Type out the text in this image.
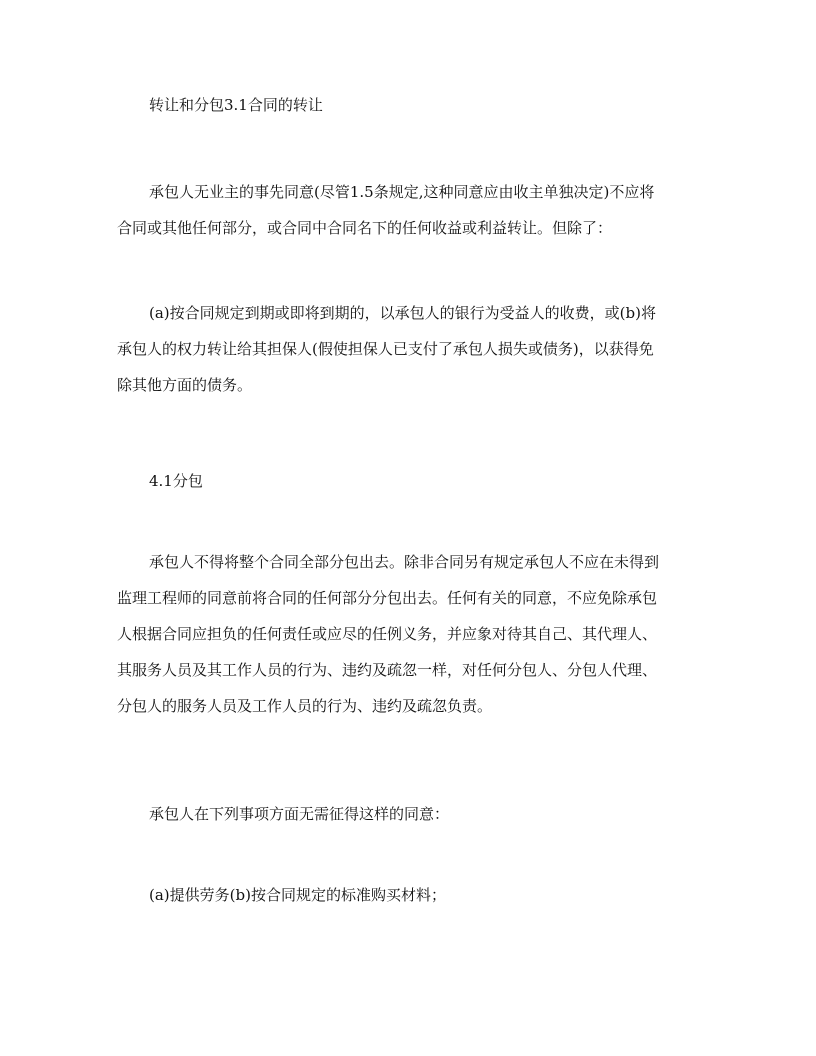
转让和分包3.1合同的转让
承包人无业主的事先同意(尽管1.5条规定,这种同意应由收主单独决定)不应将
合同或其他任何部分，或合同中合同名下的任何收益或利益转让。但除了：
(a)按合同规定到期或即将到期的，以承包人的银行为受益人的收费，或(b)将
承包人的权力转让给其担保人(假使担保人已支付了承包人损失或债务)，以获得免
除其他方面的债务。
4.1分包
承包人不得将整个合同全部分包出去。除非合同另有规定承包人不应在未得到
监理工程师的同意前将合同的任何部分分包出去。任何有关的同意，不应免除承包
人根据合同应担负的任何责任或应尽的任例义务，并应象对待其自己、其代理人、
其服务人员及其工作人员的行为、违约及疏忽一样，对任何分包人、分包人代理、
分包人的服务人员及工作人员的行为、违约及疏忽负责。
承包人在下列事项方面无需征得这样的同意：
(a)提供劳务(b)按合同规定的标准购买材料；
